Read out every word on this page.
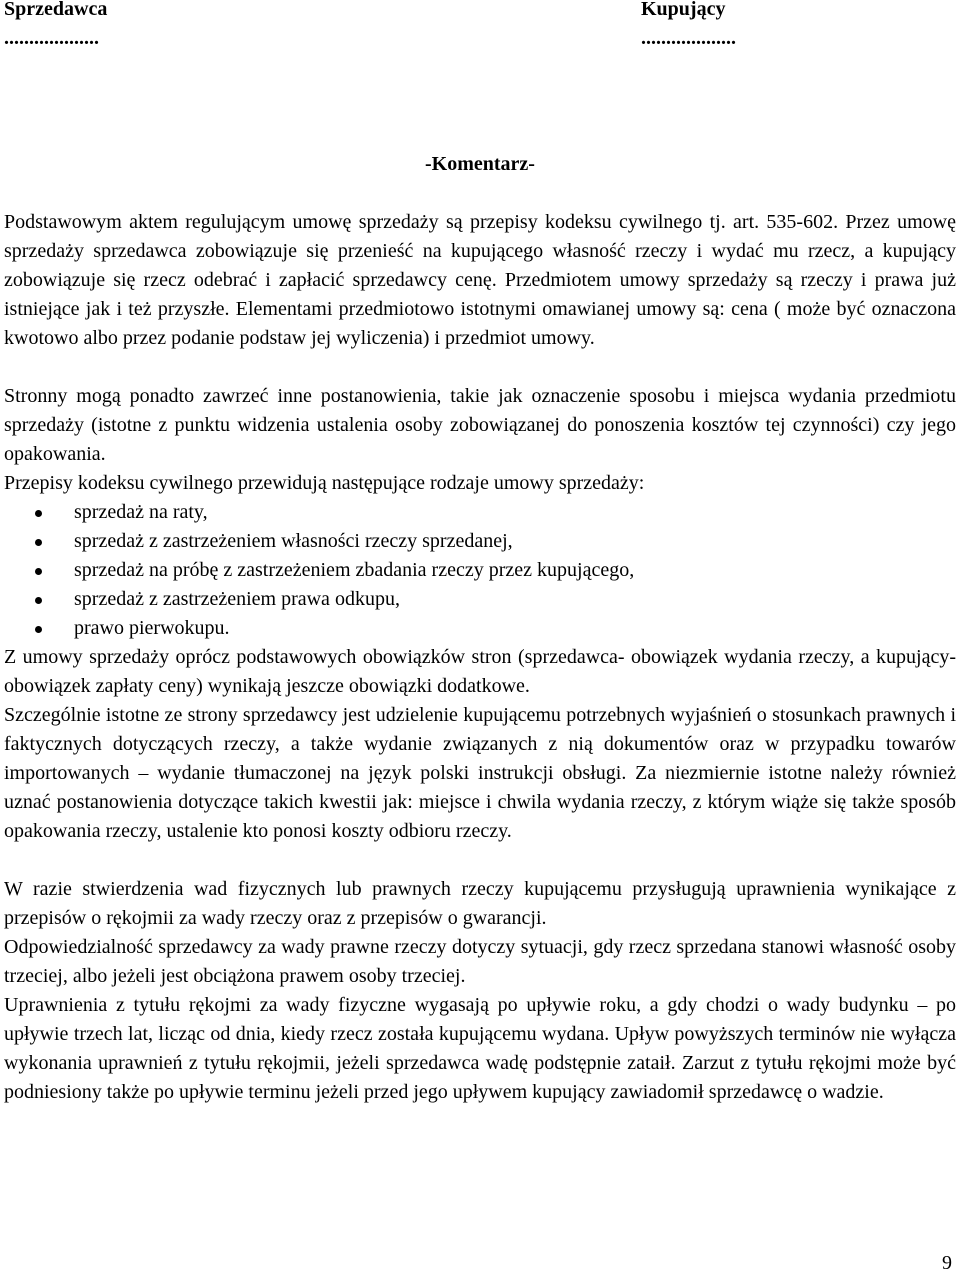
Sprzedawca
...................
Kupujący
...................
-Komentarz-

Podstawowym aktem regulującym umowę sprzedaży są przepisy kodeksu cywilnego tj. art. 535-602. Przez umowę sprzedaży sprzedawca zobowiązuje się przenieść na kupującego własność rzeczy i wydać mu rzecz, a kupujący zobowiązuje się rzecz odebrać i zapłacić sprzedawcy cenę. Przedmiotem umowy sprzedaży są rzeczy i prawa już istniejące jak i też przyszłe. Elementami przedmiotowo istotnymi omawianej umowy są: cena ( może być oznaczona kwotowo albo przez podanie podstaw jej wyliczenia) i przedmiot umowy.

Stronny mogą ponadto zawrzeć inne postanowienia, takie jak oznaczenie sposobu i miejsca wydania przedmiotu sprzedaży (istotne z punktu widzenia ustalenia osoby zobowiązanej do ponoszenia kosztów tej czynności) czy jego opakowania.

Przepisy kodeksu cywilnego przewidują następujące rodzaje umowy sprzedaży:

sprzedaż na raty,
sprzedaż z zastrzeżeniem własności rzeczy sprzedanej,
sprzedaż na próbę z zastrzeżeniem zbadania rzeczy przez kupującego,
sprzedaż z zastrzeżeniem prawa odkupu,
prawo pierwokupu.

Z umowy sprzedaży oprócz podstawowych obowiązków stron (sprzedawca- obowiązek wydania rzeczy, a kupujący- obowiązek zapłaty ceny) wynikają jeszcze obowiązki dodatkowe.

Szczególnie istotne ze strony sprzedawcy jest udzielenie kupującemu potrzebnych wyjaśnień o stosunkach prawnych i faktycznych dotyczących rzeczy, a także wydanie związanych z nią dokumentów oraz w przypadku towarów importowanych – wydanie tłumaczonej na język polski instrukcji obsługi. Za niezmiernie istotne należy również uznać postanowienia dotyczące takich kwestii jak: miejsce i chwila wydania rzeczy, z którym wiąże się także sposób opakowania rzeczy, ustalenie kto ponosi koszty odbioru rzeczy.

W razie stwierdzenia wad fizycznych lub prawnych rzeczy kupującemu przysługują uprawnienia wynikające z przepisów o rękojmii za wady rzeczy oraz z przepisów o gwarancji.

Odpowiedzialność sprzedawcy za wady prawne rzeczy dotyczy sytuacji, gdy rzecz sprzedana stanowi własność osoby trzeciej, albo jeżeli jest obciążona prawem osoby trzeciej.

Uprawnienia z tytułu rękojmi za wady fizyczne wygasają po upływie roku, a gdy chodzi o wady budynku – po upływie trzech lat, licząc od dnia, kiedy rzecz została kupującemu wydana. Upływ powyższych terminów nie wyłącza wykonania uprawnień z tytułu rękojmii, jeżeli sprzedawca wadę podstępnie zataił. Zarzut z tytułu rękojmi może być podniesiony także po upływie terminu jeżeli przed jego upływem kupujący zawiadomił sprzedawcę o wadzie.

9
